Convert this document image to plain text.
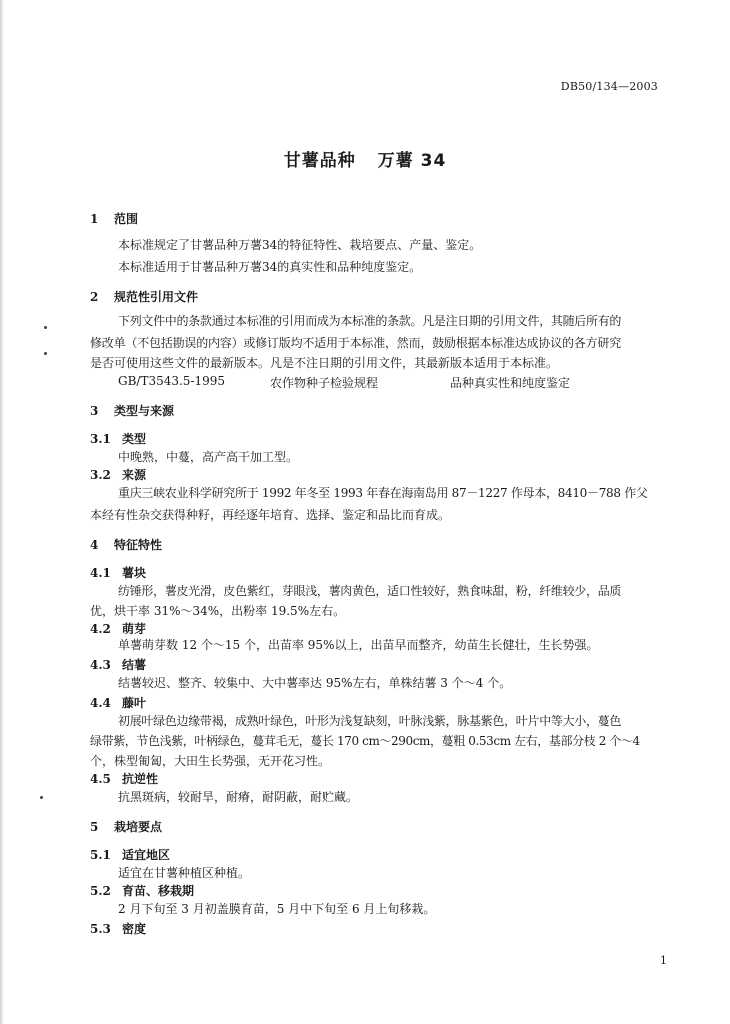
DB50/134—2003
甘薯品种 万薯 34
1 范围
本标准规定了甘薯品种万薯34的特征特性、栽培要点、产量、鉴定。
本标准适用于甘薯品种万薯34的真实性和品种纯度鉴定。
2 规范性引用文件
下列文件中的条款通过本标准的引用而成为本标准的条款。凡是注日期的引用文件，其随后所有的
修改单（不包括勘误的内容）或修订版均不适用于本标准，然而，鼓励根据本标准达成协议的各方研究
是否可使用这些文件的最新版本。凡是不注日期的引用文件，其最新版本适用于本标准。
GB/T3543.5-1995	农作物种子检验规程	品种真实性和纯度鉴定
3 类型与来源
3.1 类型
中晚熟，中蔓，高产高干加工型。
3.2 来源
重庆三峡农业科学研究所于 1992 年冬至 1993 年春在海南岛用 87－1227 作母本，8410－788 作父
本经有性杂交获得种籽，再经逐年培育、选择、鉴定和品比而育成。
4 特征特性
4.1 薯块
纺锤形，薯皮光滑，皮色紫红，芽眼浅，薯肉黄色，适口性较好，熟食味甜，粉，纤维较少，品质
优，烘干率 31%～34%，出粉率 19.5%左右。
4.2 萌芽
单薯萌芽数 12 个～15 个，出苗率 95%以上，出苗早而整齐，幼苗生长健壮，生长势强。
4.3 结薯
结薯较迟、整齐、较集中、大中薯率达 95%左右，单株结薯 3 个～4 个。
4.4 藤叶
初展叶绿色边缘带褐，成熟叶绿色，叶形为浅复缺刻，叶脉浅紫，脉基紫色，叶片中等大小，蔓色
绿带紫，节色浅紫，叶柄绿色，蔓茸毛无，蔓长 170 cm～290cm，蔓粗 0.53cm 左右，基部分枝 2 个～4
个，株型匍匐，大田生长势强，无开花习性。
4.5 抗逆性
抗黑斑病，较耐旱，耐瘠，耐阴蔽，耐贮藏。
5 栽培要点
5.1 适宜地区
适宜在甘薯种植区种植。
5.2 育苗、移栽期
2 月下旬至 3 月初盖膜育苗，5 月中下旬至 6 月上旬移栽。
5.3 密度
1
